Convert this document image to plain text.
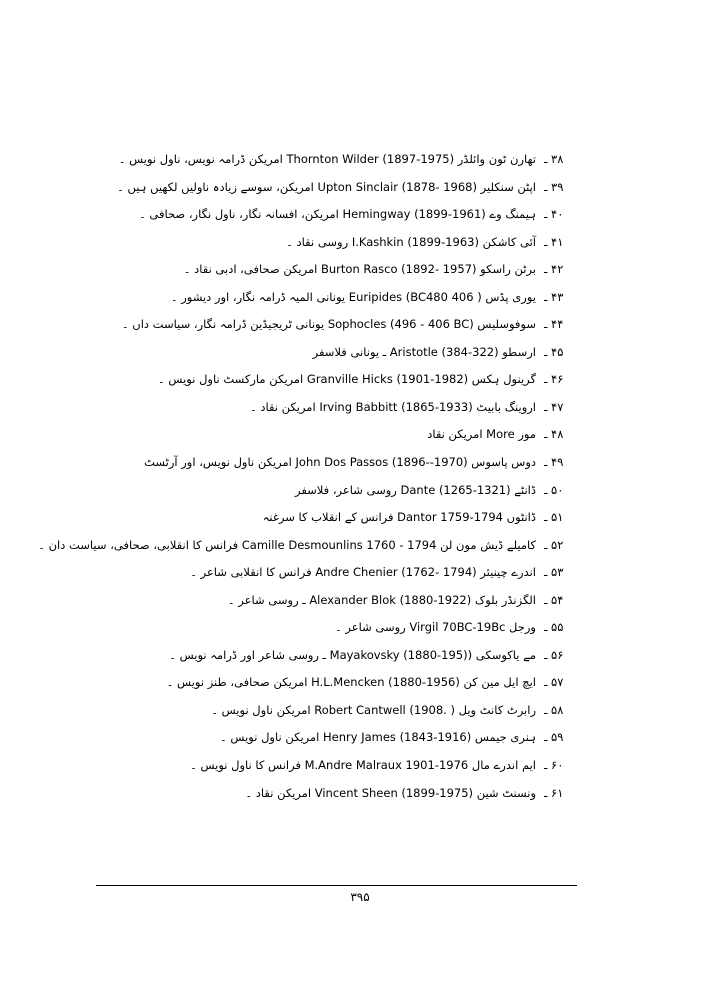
۳۸ ـ
تھارن ٹون وائلڈر Thornton Wilder (1897-1975) امریکن ڈرامہ نویس، ناول نویس ۔
۳۹ ـ
اپٹن سنکلیر Upton Sinclair (1878- 1968) امریکن، سوسے زیادہ ناولیں لکھیں ہیں ۔
۴۰ ـ
ہیمنگ وے Hemingway (1899-1961) امریکن، افسانہ نگار، ناول نگار، صحافی ۔
۴۱ ـ
آئی کاشکن I.Kashkin (1899-1963) روسی نقاد ۔
۴۲ ـ
برٹن راسکو Burton Rasco (1892- 1957) امریکن صحافی، ادبی نقاد ۔
۴۳ ـ
یوری پڈس Euripides (BC480 406 ) یونانی المیہ ڈرامہ نگار، اور دیشور ۔
۴۴ ـ
سوفوسلیس Sophocles (496 - 406 BC) یونانی ٹریجیڈین ڈرامہ نگار، سیاست داں ۔
۴۵ ـ
ارسطو Aristotle (384-322) ـ یونانی فلاسفر
۴۶ ـ
گرینول ہکس Granville Hicks (1901-1982) امریکن مارکسٹ ناول نویس ۔
۴۷ ـ
اروینگ بابیٹ Irving Babbitt (1865-1933) امریکن نقاد ۔
۴۸ ـ
مور More امریکن نقاد
۴۹ ـ
دوس پاسوس John Dos Passos (1896--1970) امریکن ناول نویس، اور آرٹسٹ
۵۰ ـ
ڈانٹے Dante (1265-1321) روسی شاعر، فلاسفر
۵۱ ـ
ڈانٹوں Dantor 1759-1794 فرانس کے انقلاب کا سرغنہ
۵۲ ـ
کامیلے ڈیش مون لن Camille Desmounlins 1760 - 1794 فرانس کا انقلابی، صحافی، سیاست دان ۔
۵۳ ـ
اندرے چینیئر Andre Chenier (1762- 1794) فرانس کا انقلابی شاعر ۔
۵۴ ـ
الگزنڈر بلوک Alexander Blok (1880-1922) ـ روسی شاعر ۔
۵۵ ـ
ورجل Virgil 70BC-19Bc روسی شاعر ۔
۵۶ ـ
مے یاکوسکی (Mayakovsky (1880-195) ـ روسی شاعر اور ڈرامہ نویس ۔
۵۷ ـ
ایچ ایل مین کن H.L.Mencken (1880-1956) امریکن صحافی، طنز نویس ۔
۵۸ ـ
رابرٹ کانٹ ویل Robert Cantwell (1908. ) امریکن ناول نویس ۔
۵۹ ـ
ہنری جیمس Henry James (1843-1916) امریکن ناول نویس ۔
۶۰ ـ
ایم اندرے مال M.Andre Malraux 1901-1976 فرانس کا ناول نویس ۔
۶۱ ـ
ونسنٹ شین Vincent Sheen (1899-1975) امریکن نقاد ۔
۳۹۵
